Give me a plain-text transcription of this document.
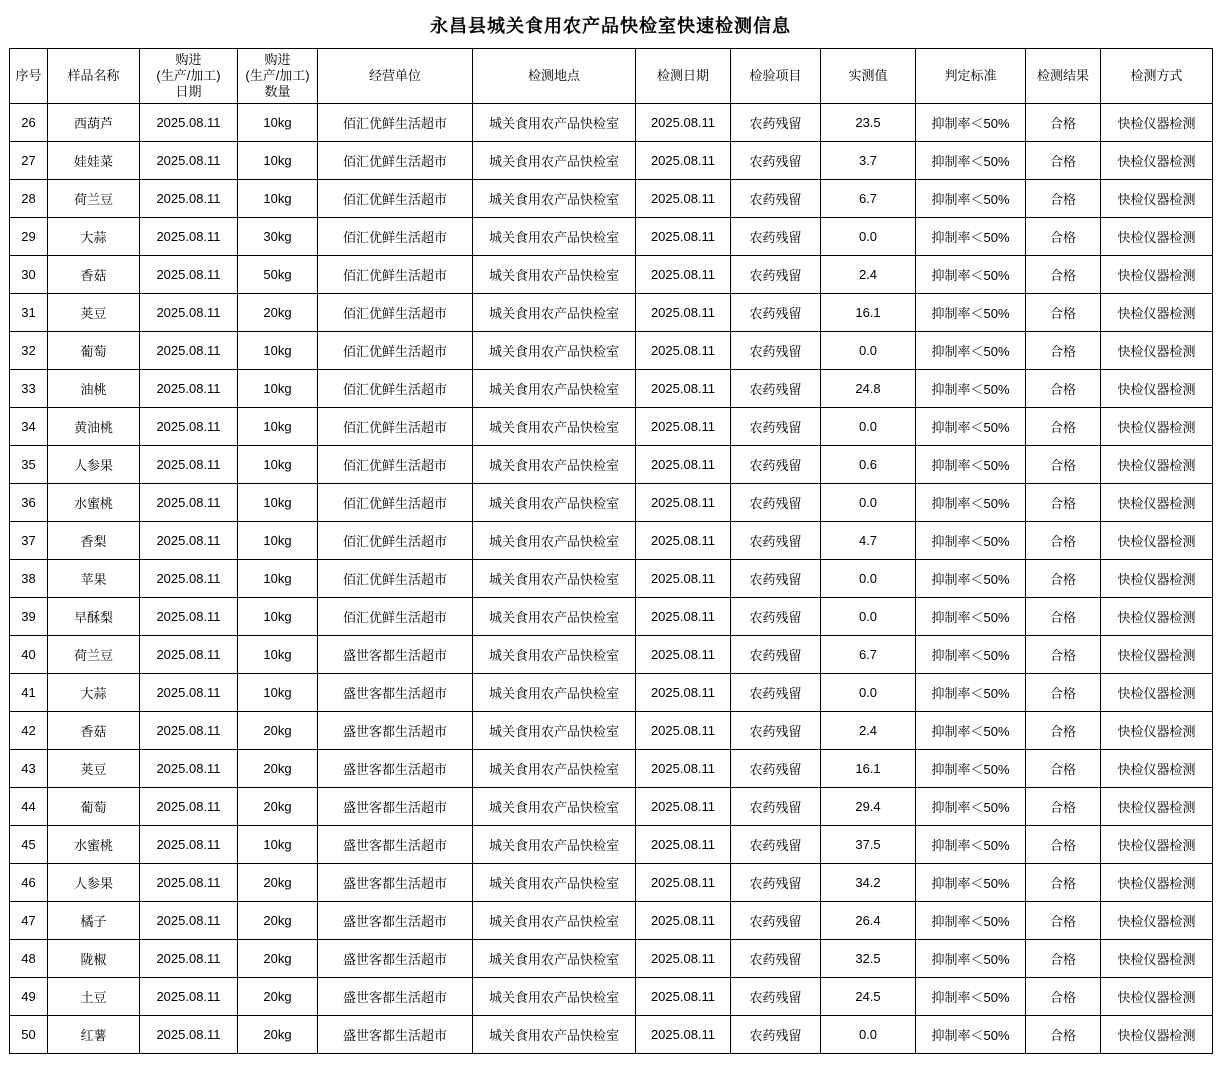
永昌县城关食用农产品快检室快速检测信息
序号	样品名称	购进
(生产/加工)
日期	购进
(生产/加工)
数量	经营单位	检测地点	检测日期	检验项目	实测值	判定标准	检测结果	检测方式

26	西葫芦	2025.08.11	10kg	佰汇优鲜生活超市	城关食用农产品快检室	2025.08.11	农药残留	23.5	抑制率＜50%	合格	快检仪器检测
27	娃娃菜	2025.08.11	10kg	佰汇优鲜生活超市	城关食用农产品快检室	2025.08.11	农药残留	3.7	抑制率＜50%	合格	快检仪器检测
28	荷兰豆	2025.08.11	10kg	佰汇优鲜生活超市	城关食用农产品快检室	2025.08.11	农药残留	6.7	抑制率＜50%	合格	快检仪器检测
29	大蒜	2025.08.11	30kg	佰汇优鲜生活超市	城关食用农产品快检室	2025.08.11	农药残留	0.0	抑制率＜50%	合格	快检仪器检测
30	香菇	2025.08.11	50kg	佰汇优鲜生活超市	城关食用农产品快检室	2025.08.11	农药残留	2.4	抑制率＜50%	合格	快检仪器检测
31	荚豆	2025.08.11	20kg	佰汇优鲜生活超市	城关食用农产品快检室	2025.08.11	农药残留	16.1	抑制率＜50%	合格	快检仪器检测
32	葡萄	2025.08.11	10kg	佰汇优鲜生活超市	城关食用农产品快检室	2025.08.11	农药残留	0.0	抑制率＜50%	合格	快检仪器检测
33	油桃	2025.08.11	10kg	佰汇优鲜生活超市	城关食用农产品快检室	2025.08.11	农药残留	24.8	抑制率＜50%	合格	快检仪器检测
34	黄油桃	2025.08.11	10kg	佰汇优鲜生活超市	城关食用农产品快检室	2025.08.11	农药残留	0.0	抑制率＜50%	合格	快检仪器检测
35	人参果	2025.08.11	10kg	佰汇优鲜生活超市	城关食用农产品快检室	2025.08.11	农药残留	0.6	抑制率＜50%	合格	快检仪器检测
36	水蜜桃	2025.08.11	10kg	佰汇优鲜生活超市	城关食用农产品快检室	2025.08.11	农药残留	0.0	抑制率＜50%	合格	快检仪器检测
37	香梨	2025.08.11	10kg	佰汇优鲜生活超市	城关食用农产品快检室	2025.08.11	农药残留	4.7	抑制率＜50%	合格	快检仪器检测
38	苹果	2025.08.11	10kg	佰汇优鲜生活超市	城关食用农产品快检室	2025.08.11	农药残留	0.0	抑制率＜50%	合格	快检仪器检测
39	早酥梨	2025.08.11	10kg	佰汇优鲜生活超市	城关食用农产品快检室	2025.08.11	农药残留	0.0	抑制率＜50%	合格	快检仪器检测
40	荷兰豆	2025.08.11	10kg	盛世客都生活超市	城关食用农产品快检室	2025.08.11	农药残留	6.7	抑制率＜50%	合格	快检仪器检测
41	大蒜	2025.08.11	10kg	盛世客都生活超市	城关食用农产品快检室	2025.08.11	农药残留	0.0	抑制率＜50%	合格	快检仪器检测
42	香菇	2025.08.11	20kg	盛世客都生活超市	城关食用农产品快检室	2025.08.11	农药残留	2.4	抑制率＜50%	合格	快检仪器检测
43	荚豆	2025.08.11	20kg	盛世客都生活超市	城关食用农产品快检室	2025.08.11	农药残留	16.1	抑制率＜50%	合格	快检仪器检测
44	葡萄	2025.08.11	20kg	盛世客都生活超市	城关食用农产品快检室	2025.08.11	农药残留	29.4	抑制率＜50%	合格	快检仪器检测
45	水蜜桃	2025.08.11	10kg	盛世客都生活超市	城关食用农产品快检室	2025.08.11	农药残留	37.5	抑制率＜50%	合格	快检仪器检测
46	人参果	2025.08.11	20kg	盛世客都生活超市	城关食用农产品快检室	2025.08.11	农药残留	34.2	抑制率＜50%	合格	快检仪器检测
47	橘子	2025.08.11	20kg	盛世客都生活超市	城关食用农产品快检室	2025.08.11	农药残留	26.4	抑制率＜50%	合格	快检仪器检测
48	陇椒	2025.08.11	20kg	盛世客都生活超市	城关食用农产品快检室	2025.08.11	农药残留	32.5	抑制率＜50%	合格	快检仪器检测
49	土豆	2025.08.11	20kg	盛世客都生活超市	城关食用农产品快检室	2025.08.11	农药残留	24.5	抑制率＜50%	合格	快检仪器检测
50	红薯	2025.08.11	20kg	盛世客都生活超市	城关食用农产品快检室	2025.08.11	农药残留	0.0	抑制率＜50%	合格	快检仪器检测
